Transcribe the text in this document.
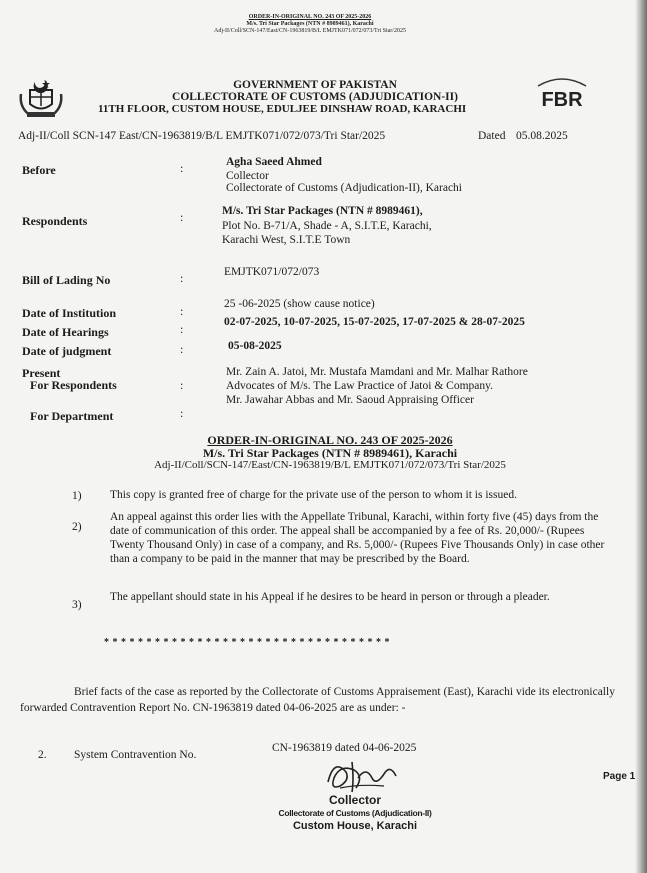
ORDER-IN-ORIGINAL NO. 243 OF 2025-2026
M/s. Tri Star Packages (NTN # 8989461), Karachi
Adj-II/Coll/SCN-147/East/CN-1963819/B/L EMJTK071/072/073/Tri Star/2025
GOVERNMENT OF PAKISTAN
COLLECTORATE OF CUSTOMS (ADJUDICATION-II)
11TH FLOOR, CUSTOM HOUSE, EDULJEE DINSHAW ROAD, KARACHI	FBR
Adj-II/Coll SCN-147 East/CN-1963819/B/L EMJTK071/072/073/Tri Star/2025	Dated 05.08.2025
Before	:	Agha Saeed Ahmed
Collector
Collectorate of Customs (Adjudication-II), Karachi
Respondents	:	M/s. Tri Star Packages (NTN # 8989461),
Plot No. B-71/A, Shade - A, S.I.T.E, Karachi,
Karachi West, S.I.T.E Town
Bill of Lading No	:	EMJTK071/072/073
Date of Institution	:	25 -06-2025 (show cause notice)
Date of Hearings	:	02-07-2025, 10-07-2025, 15-07-2025, 17-07-2025 & 28-07-2025
Date of judgment	:	05-08-2025
Present
For Respondents	:
Mr. Zain A. Jatoi, Mr. Mustafa Mamdani and Mr. Malhar Rathore
Advocates of M/s. The Law Practice of Jatoi & Company.
For Department	:
Mr. Jawahar Abbas and Mr. Saoud Appraising Officer
ORDER-IN-ORIGINAL NO. 243 OF 2025-2026
M/s. Tri Star Packages (NTN # 8989461), Karachi
Adj-II/Coll/SCN-147/East/CN-1963819/B/L EMJTK071/072/073/Tri Star/2025
1) This copy is granted free of charge for the private use of the person to whom it is issued.
2)
An appeal against this order lies with the Appellate Tribunal, Karachi, within forty five (45) days from the date of communication of this order. The appeal shall be accompanied by a fee of Rs. 20,000/- (Rupees Twenty Thousand Only) in case of a company, and Rs. 5,000/- (Rupees Five Thousands Only) in case other than a company to be paid in the manner that may be prescribed by the Board.
3)
The appellant should state in his Appeal if he desires to be heard in person or through a pleader.
* * * * * * * * * * * * * * * * * * * * * * * * * * * * * * * * * *
Brief facts of the case as reported by the Collectorate of Customs Appraisement (East), Karachi vide its electronically forwarded Contravention Report No. CN-1963819 dated 04-06-2025 are as under: -
2. System Contravention No.
CN-1963819 dated 04-06-2025
Collector
Collectorate of Customs (Adjudication-II)
Custom House, Karachi
Page 1
